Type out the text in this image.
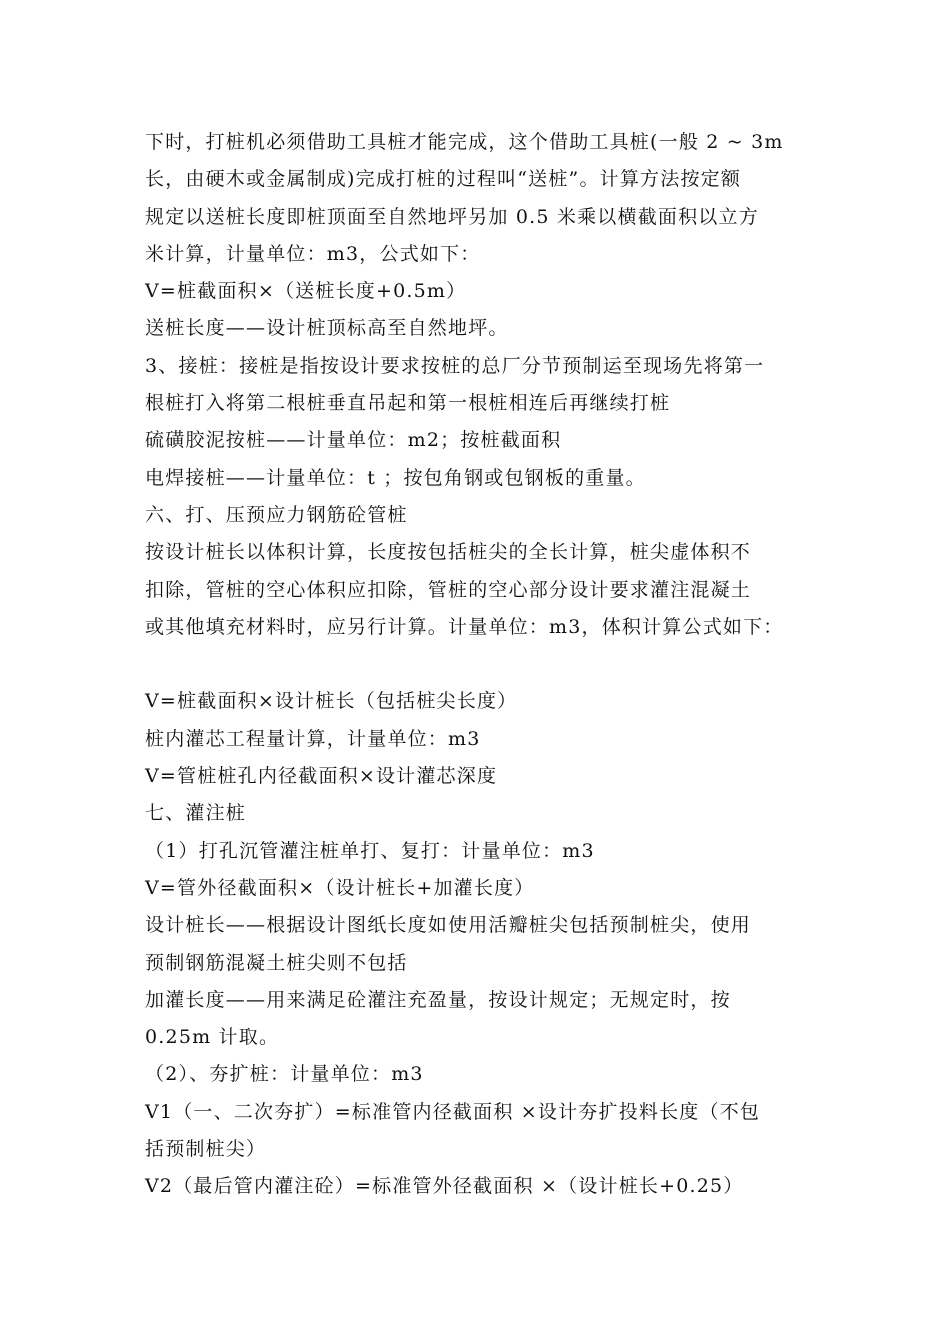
下时，打桩机必须借助工具桩才能完成，这个借助工具桩(一般 2 ~ 3m
长，由硬木或金属制成)完成打桩的过程叫“送桩”。计算方法按定额
规定以送桩长度即桩顶面至自然地坪另加 0.5 米乘以横截面积以立方
米计算，计量单位：m3，公式如下：
V=桩截面积×（送桩长度+0.5m）
送桩长度——设计桩顶标高至自然地坪。
3、接桩：接桩是指按设计要求按桩的总厂分节预制运至现场先将第一
根桩打入将第二根桩垂直吊起和第一根桩相连后再继续打桩
硫磺胶泥按桩——计量单位：m2；按桩截面积
电焊接桩——计量单位：t ；按包角钢或包钢板的重量。
六、打、压预应力钢筋砼管桩
按设计桩长以体积计算，长度按包括桩尖的全长计算，桩尖虚体积不
扣除，管桩的空心体积应扣除，管桩的空心部分设计要求灌注混凝土
或其他填充材料时，应另行计算。计量单位：m3，体积计算公式如下：
V=桩截面积×设计桩长（包括桩尖长度）
桩内灌芯工程量计算，计量单位：m3
V=管桩桩孔内径截面积×设计灌芯深度
七、灌注桩
（1）打孔沉管灌注桩单打、复打：计量单位：m3
V=管外径截面积×（设计桩长+加灌长度）
设计桩长——根据设计图纸长度如使用活瓣桩尖包括预制桩尖，使用
预制钢筋混凝土桩尖则不包括
加灌长度——用来满足砼灌注充盈量，按设计规定；无规定时，按
0.25m 计取。
（2）、夯扩桩：计量单位：m3
V1（一、二次夯扩）=标准管内径截面积 ×设计夯扩投料长度（不包
括预制桩尖）
V2（最后管内灌注砼）=标准管外径截面积 ×（设计桩长+0.25）
